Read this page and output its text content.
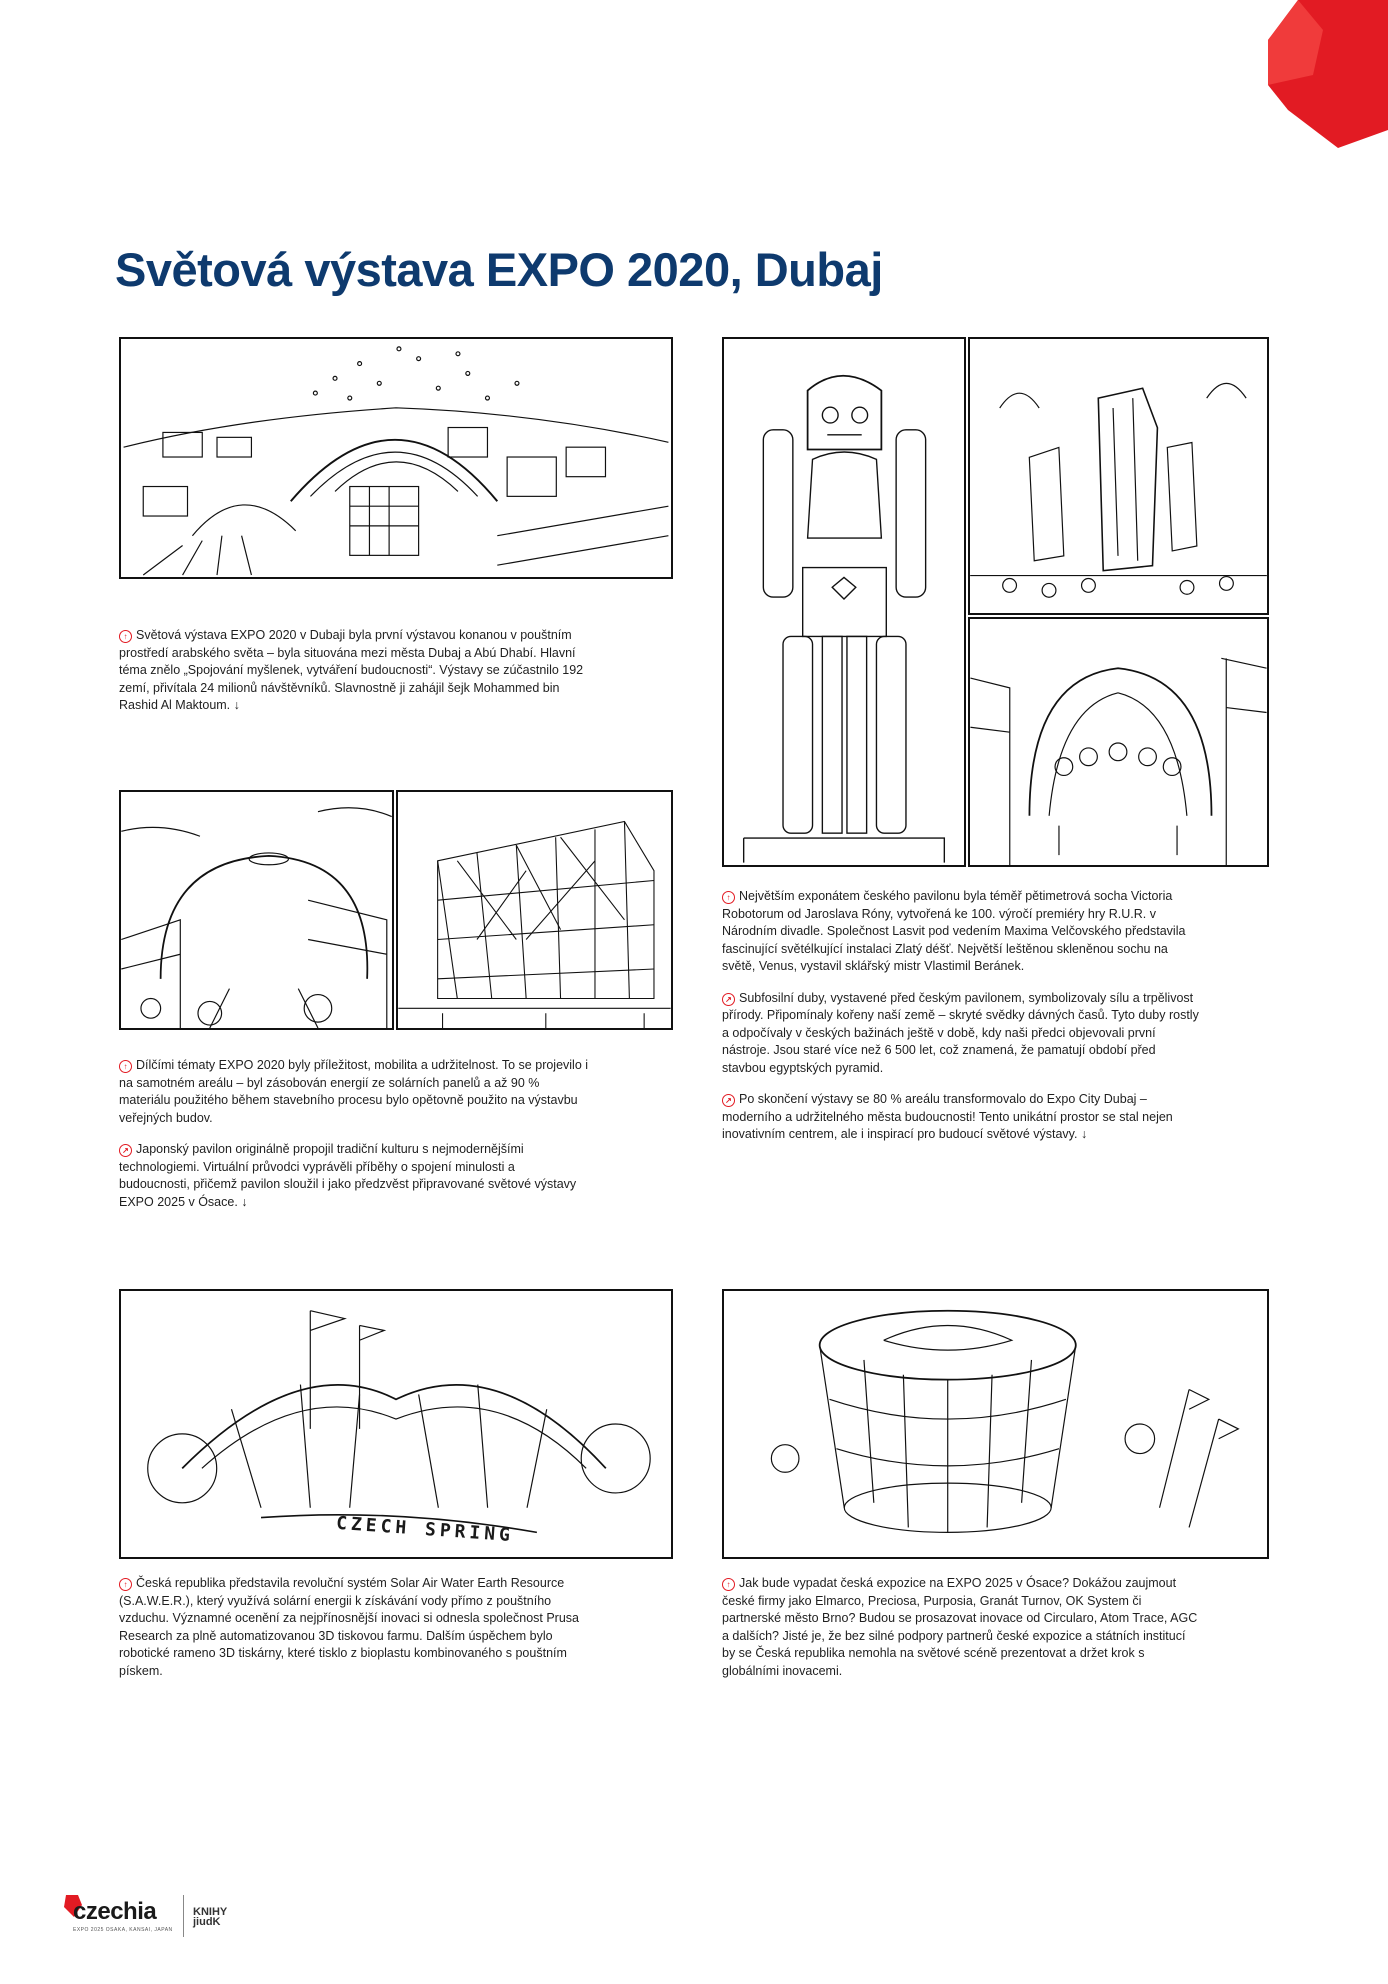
Světová výstava EXPO 2020, Dubaj

↑ Světová výstava EXPO 2020 v Dubaji byla první výstavou konanou v pouštním prostředí arabského světa – byla situována mezi města Dubaj a Abú Dhabí. Hlavní téma znělo „Spojování myšlenek, vytváření budoucnosti“. Výstavy se zúčastnilo 192 zemí, přivítala 24 milionů návštěvníků. Slavnostně ji zahájil šejk Mohammed bin Rashid Al Maktoum. ↓

↑ Dílčími tématy EXPO 2020 byly příležitost, mobilita a udržitelnost. To se projevilo i na samotném areálu – byl zásobován energií ze solárních panelů a až 90 % materiálu použitého během stavebního procesu bylo opětovně použito na výstavbu veřejných budov.

↗ Japonský pavilon originálně propojil tradiční kulturu s nejmodernějšími technologiemi. Virtuální průvodci vyprávěli příběhy o spojení minulosti a budoucnosti, přičemž pavilon sloužil i jako předzvěst připravované světové výstavy EXPO 2025 v Ósace. ↓

↑ Největším exponátem českého pavilonu byla téměř pětimetrová socha Victoria Robotorum od Jaroslava Róny, vytvořená ke 100. výročí premiéry hry R.U.R. v Národním divadle. Společnost Lasvit pod vedením Maxima Velčovského představila fascinující světélkující instalaci Zlatý déšť. Největší leštěnou skleněnou sochu na světě, Venus, vystavil sklářský mistr Vlastimil Beránek.

↗ Subfosilní duby, vystavené před českým pavilonem, symbolizovaly sílu a trpělivost přírody. Připomínaly kořeny naší země – skryté svědky dávných časů. Tyto duby rostly a odpočívaly v českých bažinách ještě v době, kdy naši předci objevovali první nástroje. Jsou staré více než 6 500 let, což znamená, že pamatují období před stavbou egyptských pyramid.

↗ Po skončení výstavy se 80 % areálu transformovalo do Expo City Dubaj – moderního a udržitelného města budoucnosti! Tento unikátní prostor se stal nejen inovativním centrem, ale i inspirací pro budoucí světové výstavy. ↓

CZECH SPRING

↑ Česká republika představila revoluční systém Solar Air Water Earth Resource (S.A.W.E.R.), který využívá solární energii k získávání vody přímo z pouštního vzduchu. Významné ocenění za nejpřínosnější inovaci si odnesla společnost Prusa Research za plně automatizovanou 3D tiskovou farmu. Dalším úspěchem bylo robotické rameno 3D tiskárny, které tisklo z bioplastu kombinovaného s pouštním pískem.

↑ Jak bude vypadat česká expozice na EXPO 2025 v Ósace? Dokážou zaujmout české firmy jako Elmarco, Preciosa, Purposia, Granát Turnov, OK System či partnerské město Brno? Budou se prosazovat inovace od Circularo, Atom Trace, AGC a dalších? Jisté je, že bez silné podpory partnerů české expozice a státních institucí by se Česká republika nemohla na světové scéně prezentovat a držet krok s globálními inovacemi.

czechia
EXPO 2025 OSAKA, KANSAI, JAPAN
KNIHY
jiudK
